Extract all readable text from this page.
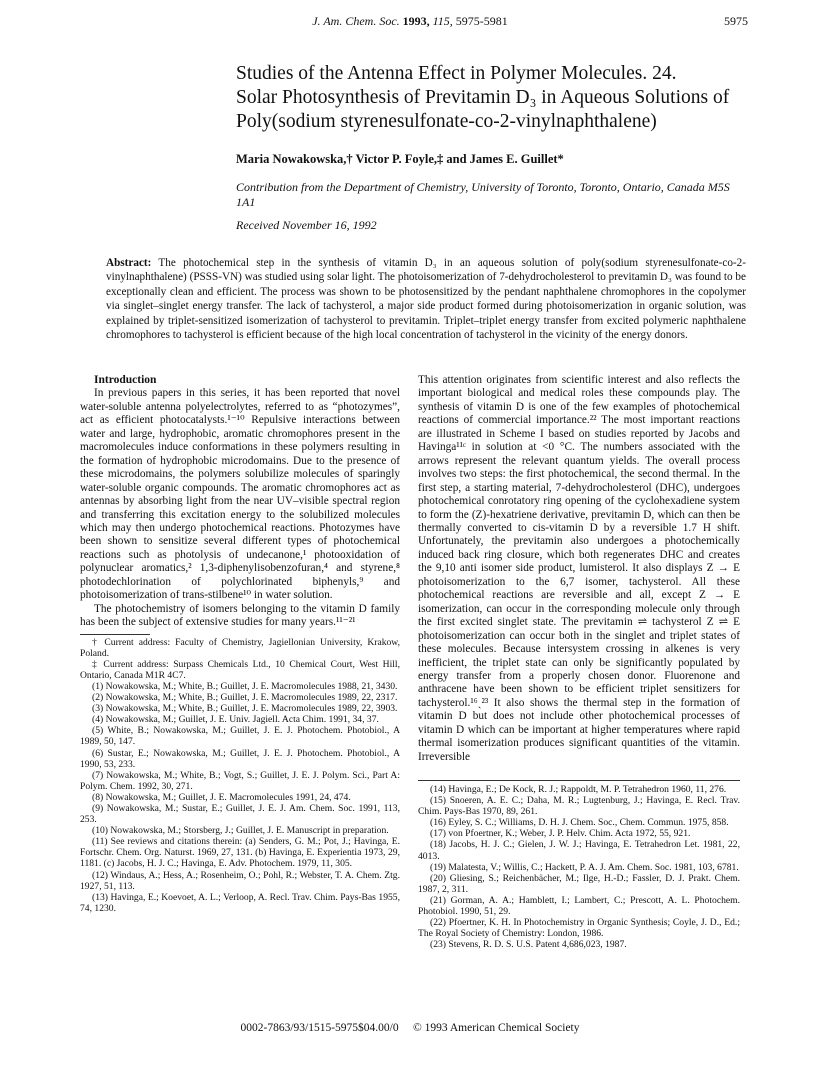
J. Am. Chem. Soc. 1993, 115, 5975-5981	5975
Studies of the Antenna Effect in Polymer Molecules. 24.
Solar Photosynthesis of Previtamin D₃ in Aqueous Solutions of
Poly(sodium styrenesulfonate-co-2-vinylnaphthalene)
Maria Nowakowska,† Victor P. Foyle,‡ and James E. Guillet*
Contribution from the Department of Chemistry, University of Toronto, Toronto, Ontario, Canada M5S 1A1
Received November 16, 1992
Abstract: The photochemical step in the synthesis of vitamin D₃ in an aqueous solution of poly(sodium styrenesulfonate-co-2-vinylnaphthalene) (PSSS-VN) was studied using solar light. The photoisomerization of 7-dehydrocholesterol to previtamin D₃ was found to be exceptionally clean and efficient. The process was shown to be photosensitized by the pendant naphthalene chromophores in the copolymer via singlet–singlet energy transfer. The lack of tachysterol, a major side product formed during photoisomerization in organic solution, was explained by triplet-sensitized isomerization of tachysterol to previtamin. Triplet–triplet energy transfer from excited polymeric naphthalene chromophores to tachysterol is efficient because of the high local concentration of tachysterol in the vicinity of the energy donors.

Introduction

In previous papers in this series, it has been reported that novel water-soluble antenna polyelectrolytes, referred to as “photozymes”, act as efficient photocatalysts.¹⁻¹⁰ Repulsive interactions between water and large, hydrophobic, aromatic chromophores present in the macromolecules induce conformations in these polymers resulting in the formation of hydrophobic microdomains. Due to the presence of these microdomains, the polymers solubilize molecules of sparingly water-soluble organic compounds. The aromatic chromophores act as antennas by absorbing light from the near UV–visible spectral region and transferring this excitation energy to the solubilized molecules which may then undergo photochemical reactions. Photozymes have been shown to sensitize several different types of photochemical reactions such as photolysis of undecanone,¹ photooxidation of polynuclear aromatics,² 1,3-diphenylisobenzofuran,⁴ and styrene,⁸ photodechlorination of polychlorinated biphenyls,⁹ and photoisomerization of trans-stilbene¹⁰ in water solution.

The photochemistry of isomers belonging to the vitamin D family has been the subject of extensive studies for many years.¹¹⁻²¹

† Current address: Faculty of Chemistry, Jagiellonian University, Krakow, Poland.
‡ Current address: Surpass Chemicals Ltd., 10 Chemical Court, West Hill, Ontario, Canada M1R 4C7.
(1) Nowakowska, M.; White, B.; Guillet, J. E. Macromolecules 1988, 21, 3430.
(2) Nowakowska, M.; White, B.; Guillet, J. E. Macromolecules 1989, 22, 2317.
(3) Nowakowska, M.; White, B.; Guillet, J. E. Macromolecules 1989, 22, 3903.
(4) Nowakowska, M.; Guillet, J. E. Univ. Jagiell. Acta Chim. 1991, 34, 37.
(5) White, B.; Nowakowska, M.; Guillet, J. E. J. Photochem. Photobiol., A 1989, 50, 147.
(6) Sustar, E.; Nowakowska, M.; Guillet, J. E. J. Photochem. Photobiol., A 1990, 53, 233.
(7) Nowakowska, M.; White, B.; Vogt, S.; Guillet, J. E. J. Polym. Sci., Part A: Polym. Chem. 1992, 30, 271.
(8) Nowakowska, M.; Guillet, J. E. Macromolecules 1991, 24, 474.
(9) Nowakowska, M.; Sustar, E.; Guillet, J. E. J. Am. Chem. Soc. 1991, 113, 253.
(10) Nowakowska, M.; Storsberg, J.; Guillet, J. E. Manuscript in preparation.
(11) See reviews and citations therein: (a) Senders, G. M.; Pot, J.; Havinga, E. Fortschr. Chem. Org. Naturst. 1969, 27, 131. (b) Havinga, E. Experientia 1973, 29, 1181. (c) Jacobs, H. J. C.; Havinga, E. Adv. Photochem. 1979, 11, 305.
(12) Windaus, A.; Hess, A.; Rosenheim, O.; Pohl, R.; Webster, T. A. Chem. Ztg. 1927, 51, 113.
(13) Havinga, E.; Koevoet, A. L.; Verloop, A. Recl. Trav. Chim. Pays-Bas 1955, 74, 1230.

This attention originates from scientific interest and also reflects the important biological and medical roles these compounds play. The synthesis of vitamin D is one of the few examples of photochemical reactions of commercial importance.²² The most important reactions are illustrated in Scheme I based on studies reported by Jacobs and Havinga¹¹ᶜ in solution at <0 °C. The numbers associated with the arrows represent the relevant quantum yields. The overall process involves two steps: the first photochemical, the second thermal. In the first step, a starting material, 7-dehydrocholesterol (DHC), undergoes photochemical conrotatory ring opening of the cyclohexadiene system to form the (Z)-hexatriene derivative, previtamin D, which can then be thermally converted to cis-vitamin D by a reversible 1.7 H shift. Unfortunately, the previtamin also undergoes a photochemically induced back ring closure, which both regenerates DHC and creates the 9,10 anti isomer side product, lumisterol. It also displays Z → E photoisomerization to the 6,7 isomer, tachysterol. All these photochemical reactions are reversible and all, except Z → E isomerization, can occur in the corresponding molecule only through the first excited singlet state. The previtamin ⇌ tachysterol Z ⇌ E photoisomerization can occur both in the singlet and triplet states of these molecules. Because intersystem crossing in alkenes is very inefficient, the triplet state can only be significantly populated by energy transfer from a properly chosen donor. Fluorenone and anthracene have been shown to be efficient triplet sensitizers for tachysterol.¹⁶ˎ²³ It also shows the thermal step in the formation of vitamin D but does not include other photochemical processes of vitamin D which can be important at higher temperatures where rapid thermal isomerization produces significant quantities of the vitamin. Irreversible

(14) Havinga, E.; De Kock, R. J.; Rappoldt, M. P. Tetrahedron 1960, 11, 276.
(15) Snoeren, A. E. C.; Daha, M. R.; Lugtenburg, J.; Havinga, E. Recl. Trav. Chim. Pays-Bas 1970, 89, 261.
(16) Eyley, S. C.; Williams, D. H. J. Chem. Soc., Chem. Commun. 1975, 858.
(17) von Pfoertner, K.; Weber, J. P. Helv. Chim. Acta 1972, 55, 921.
(18) Jacobs, H. J. C.; Gielen, J. W. J.; Havinga, E. Tetrahedron Let. 1981, 22, 4013.
(19) Malatesta, V.; Willis, C.; Hackett, P. A. J. Am. Chem. Soc. 1981, 103, 6781.
(20) Gliesing, S.; Reichenbächer, M.; Ilge, H.-D.; Fassler, D. J. Prakt. Chem. 1987, 2, 311.
(21) Gorman, A. A.; Hamblett, I.; Lambert, C.; Prescott, A. L. Photochem. Photobiol. 1990, 51, 29.
(22) Pfoertner, K. H. In Photochemistry in Organic Synthesis; Coyle, J. D., Ed.; The Royal Society of Chemistry: London, 1986.
(23) Stevens, R. D. S. U.S. Patent 4,686,023, 1987.
0002-7863/93/1515-5975$04.00/0 © 1993 American Chemical Society
